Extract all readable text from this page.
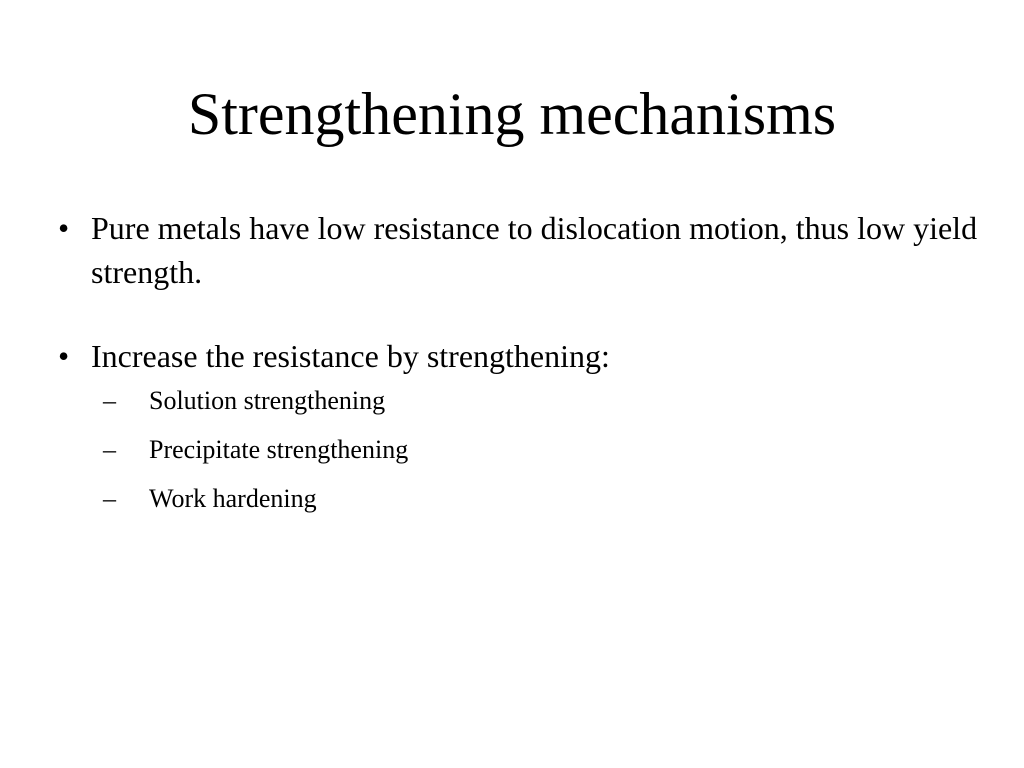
Strengthening mechanisms
• Pure metals have low resistance to dislocation motion, thus low yield strength.
• Increase the resistance by strengthening:
–	Solution strengthening
–	Precipitate strengthening
–	Work hardening
